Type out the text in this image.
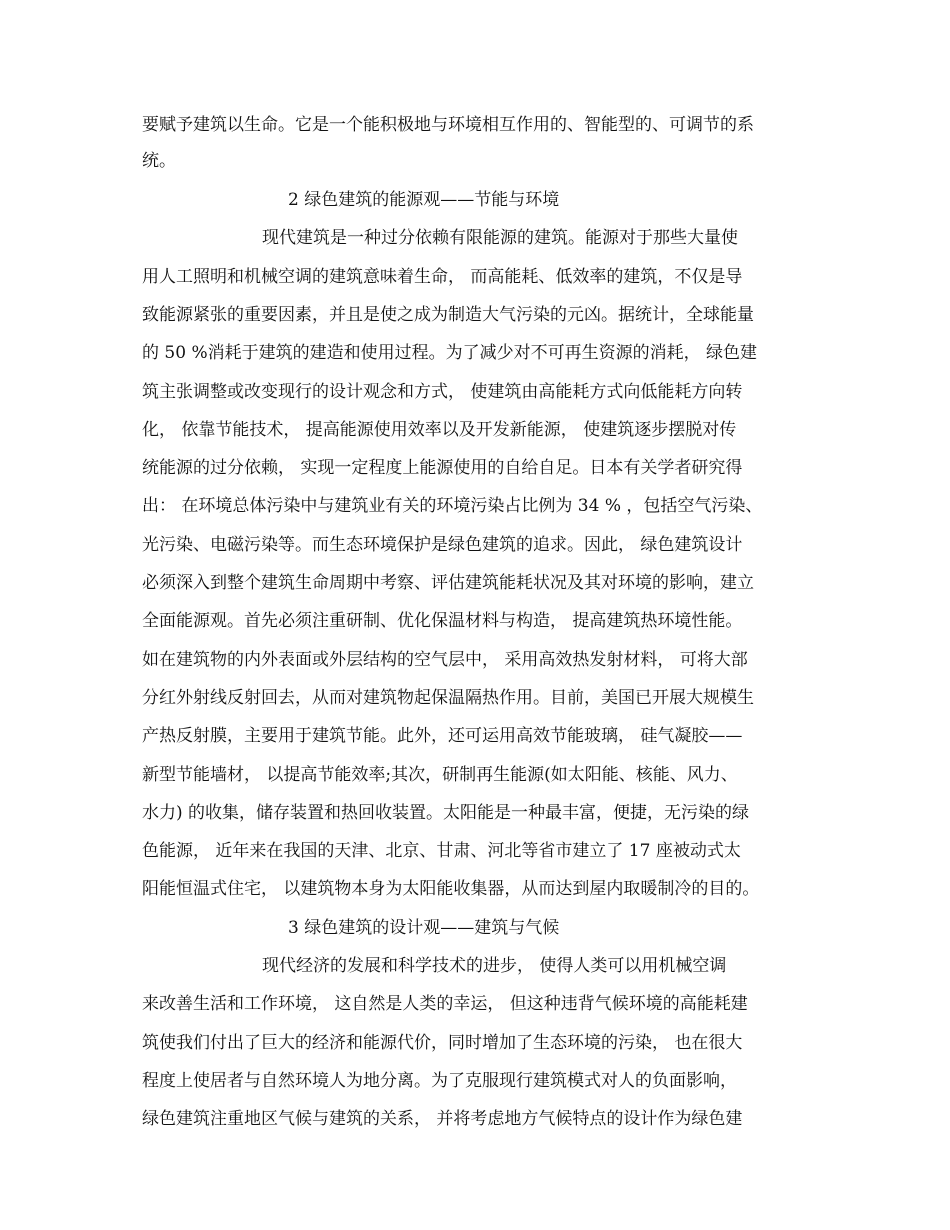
要赋予建筑以生命。它是一个能积极地与环境相互作用的、智能型的、可调节的系
统。
2 绿色建筑的能源观——节能与环境
现代建筑是一种过分依赖有限能源的建筑。能源对于那些大量使
用人工照明和机械空调的建筑意味着生命， 而高能耗、低效率的建筑，不仅是导
致能源紧张的重要因素，并且是使之成为制造大气污染的元凶。据统计，全球能量
的 50 %消耗于建筑的建造和使用过程。为了减少对不可再生资源的消耗， 绿色建
筑主张调整或改变现行的设计观念和方式， 使建筑由高能耗方式向低能耗方向转
化， 依靠节能技术， 提高能源使用效率以及开发新能源， 使建筑逐步摆脱对传
统能源的过分依赖， 实现一定程度上能源使用的自给自足。日本有关学者研究得
出： 在环境总体污染中与建筑业有关的环境污染占比例为 34 % ，包括空气污染、
光污染、电磁污染等。而生态环境保护是绿色建筑的追求。因此， 绿色建筑设计
必须深入到整个建筑生命周期中考察、评估建筑能耗状况及其对环境的影响，建立
全面能源观。首先必须注重研制、优化保温材料与构造， 提高建筑热环境性能。
如在建筑物的内外表面或外层结构的空气层中， 采用高效热发射材料， 可将大部
分红外射线反射回去，从而对建筑物起保温隔热作用。目前，美国已开展大规模生
产热反射膜，主要用于建筑节能。此外，还可运用高效节能玻璃， 硅气凝胶——
新型节能墙材， 以提高节能效率;其次，研制再生能源(如太阳能、核能、风力、
水力) 的收集，储存装置和热回收装置。太阳能是一种最丰富，便捷，无污染的绿
色能源， 近年来在我国的天津、北京、甘肃、河北等省市建立了 17 座被动式太
阳能恒温式住宅， 以建筑物本身为太阳能收集器，从而达到屋内取暖制冷的目的。
3 绿色建筑的设计观——建筑与气候
现代经济的发展和科学技术的进步， 使得人类可以用机械空调
来改善生活和工作环境， 这自然是人类的幸运， 但这种违背气候环境的高能耗建
筑使我们付出了巨大的经济和能源代价，同时增加了生态环境的污染， 也在很大
程度上使居者与自然环境人为地分离。为了克服现行建筑模式对人的负面影响，
绿色建筑注重地区气候与建筑的关系， 并将考虑地方气候特点的设计作为绿色建
